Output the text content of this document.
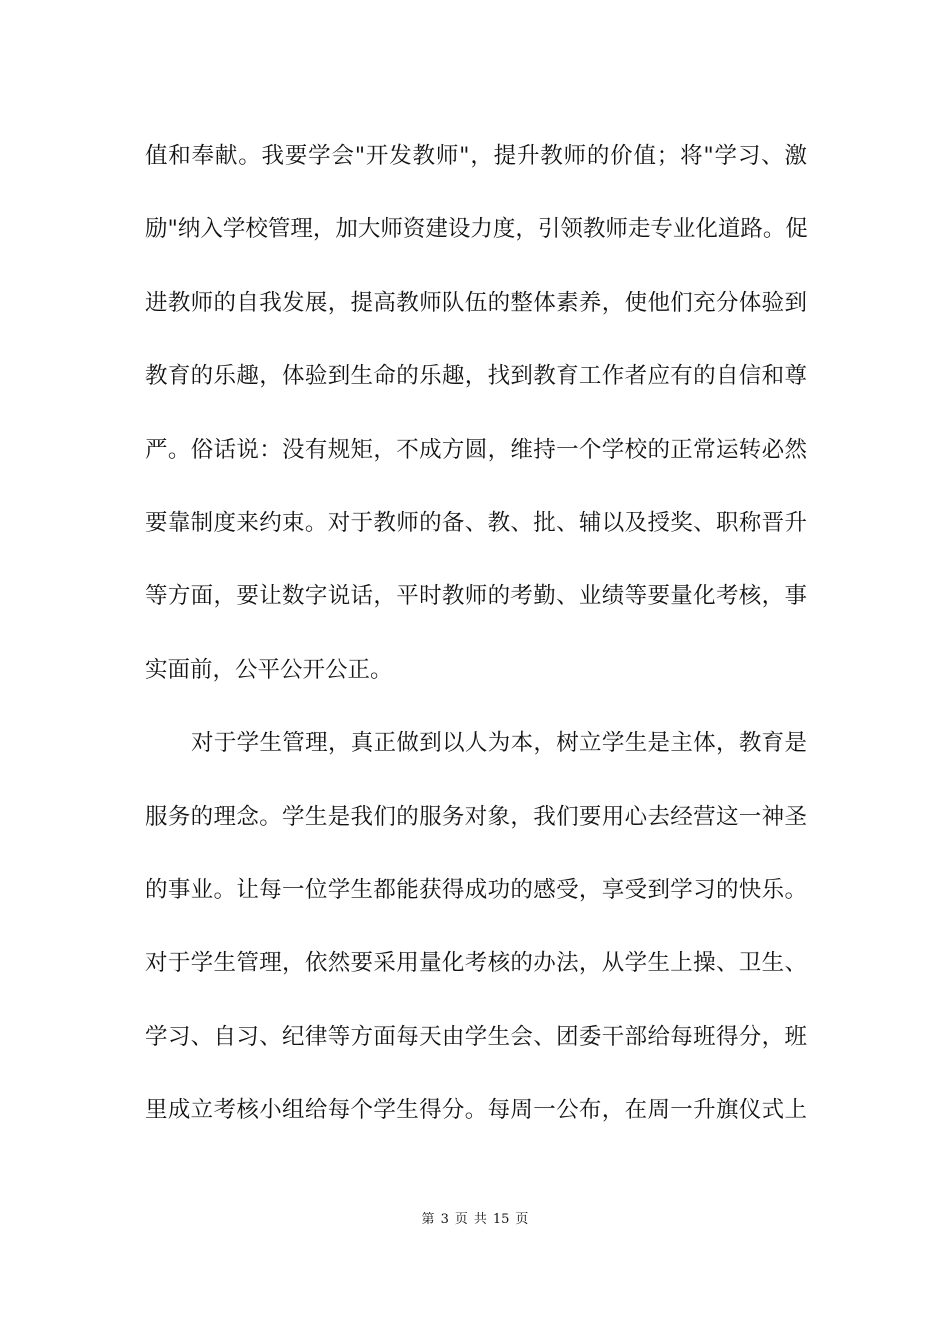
值和奉献。我要学会"开发教师"，提升教师的价值；将"学习、激
励"纳入学校管理，加大师资建设力度，引领教师走专业化道路。促
进教师的自我发展，提高教师队伍的整体素养，使他们充分体验到
教育的乐趣，体验到生命的乐趣，找到教育工作者应有的自信和尊
严。俗话说：没有规矩，不成方圆，维持一个学校的正常运转必然
要靠制度来约束。对于教师的备、教、批、辅以及授奖、职称晋升
等方面，要让数字说话，平时教师的考勤、业绩等要量化考核，事
实面前，公平公开公正。
对于学生管理，真正做到以人为本，树立学生是主体，教育是
服务的理念。学生是我们的服务对象，我们要用心去经营这一神圣
的事业。让每一位学生都能获得成功的感受，享受到学习的快乐。
对于学生管理，依然要采用量化考核的办法，从学生上操、卫生、
学习、自习、纪律等方面每天由学生会、团委干部给每班得分，班
里成立考核小组给每个学生得分。每周一公布，在周一升旗仪式上
第 3 页 共 15 页
